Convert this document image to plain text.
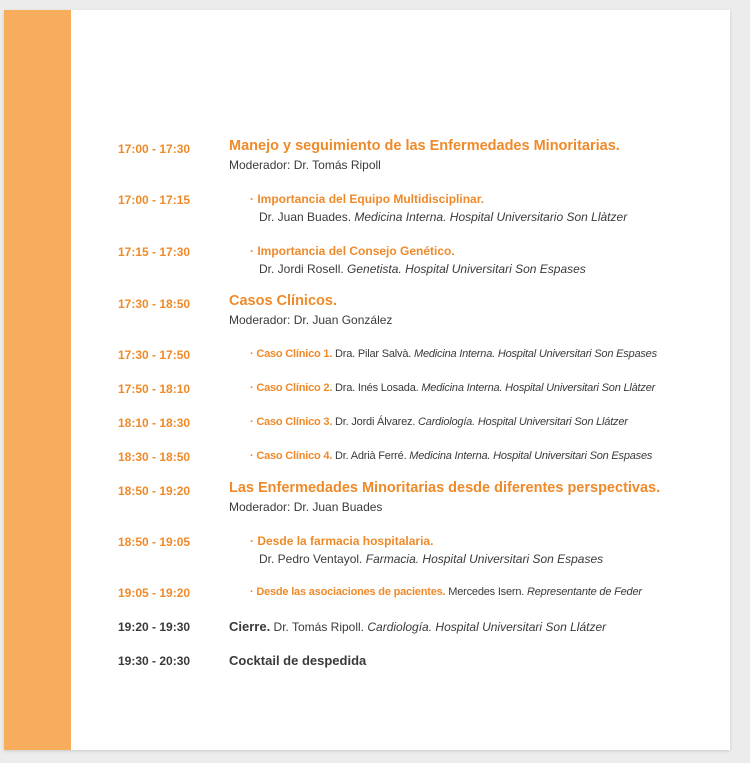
17:00 - 17:30	Manejo y seguimiento de las Enfermedades Minoritarias.
Moderador: Dr. Tomás Ripoll
17:00 - 17:15	· Importancia del Equipo Multidisciplinar.
Dr. Juan Buades. Medicina Interna. Hospital Universitario Son Llàtzer
17:15 - 17:30	· Importancia del Consejo Genético.
Dr. Jordi Rosell. Genetista. Hospital Universitari Son Espases
17:30 - 18:50	Casos Clínicos.
Moderador: Dr. Juan González
17:30 - 17:50	· Caso Clínico 1. Dra. Pilar Salvà. Medicina Interna. Hospital Universitari Son Espases
17:50 - 18:10	· Caso Clínico 2. Dra. Inés Losada. Medicina Interna. Hospital Universitari Son Llàtzer
18:10 - 18:30	· Caso Clínico 3. Dr. Jordi Álvarez. Cardiología. Hospital Universitari Son Llátzer
18:30 - 18:50	· Caso Clínico 4. Dr. Adrià Ferré. Medicina Interna. Hospital Universitari Son Espases
18:50 - 19:20	Las Enfermedades Minoritarias desde diferentes perspectivas.
Moderador: Dr. Juan Buades
18:50 - 19:05	· Desde la farmacia hospitalaria.
Dr. Pedro Ventayol. Farmacia. Hospital Universitari Son Espases
19:05 - 19:20	· Desde las asociaciones de pacientes. Mercedes Isern. Representante de Feder
19:20 - 19:30	Cierre. Dr. Tomás Ripoll. Cardiología. Hospital Universitari Son Llátzer
19:30 - 20:30	Cocktail de despedida
